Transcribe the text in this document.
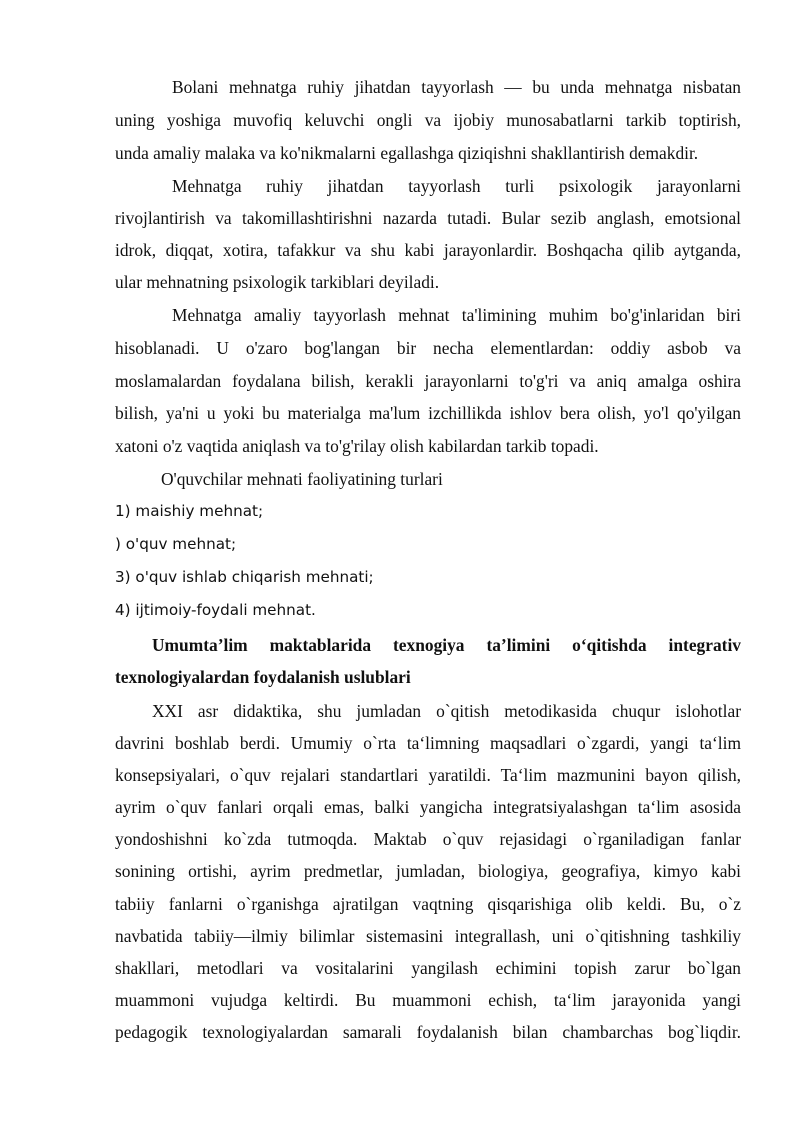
Bolani mehnatga ruhiy jihatdan tayyorlash — bu unda mehnatga nisbatan
uning yoshiga muvofiq keluvchi ongli va ijobiy munosabatlarni tarkib toptirish,
unda amaliy malaka va ko'nikmalarni egallashga qiziqishni shakllantirish demakdir.
Mehnatga ruhiy jihatdan tayyorlash turli psixologik jarayonlarni
rivojlantirish va takomillashtirishni nazarda tutadi. Bular sezib anglash, emotsional
idrok, diqqat, xotira, tafakkur va shu kabi jarayonlardir. Boshqacha qilib aytganda,
ular mehnatning psixologik tarkiblari deyiladi.
Mehnatga amaliy tayyorlash mehnat ta'limining muhim bo'g'inlaridan biri
hisoblanadi. U o'zaro bog'langan bir necha elementlardan: oddiy asbob va
moslamalardan foydalana bilish, kerakli jarayonlarni to'g'ri va aniq amalga oshira
bilish, ya'ni u yoki bu materialga ma'lum izchillikda ishlov bera olish, yo'l qo'yilgan
xatoni o'z vaqtida aniqlash va to'g'rilay olish kabilardan tarkib topadi.
O'quvchilar mehnati faoliyatining turlari
1) maishiy mehnat;
) o'quv mehnat;
3) o'quv ishlab chiqarish mehnati;
4) ijtimoiy-foydali mehnat.
Umumta’lim maktablarida texnogiya ta’limini o‘qitishda integrativ
texnologiyalardan foydalanish uslublari
XXI asr didaktika, shu jumladan o`qitish metodikasida chuqur islohotlar
davrini boshlab berdi. Umumiy o`rta ta‘limning maqsadlari o`zgardi, yangi ta‘lim
konsepsiyalari, o`quv rejalari standartlari yaratildi. Ta‘lim mazmunini bayon qilish,
ayrim o`quv fanlari orqali emas, balki yangicha integratsiyalashgan ta‘lim asosida
yondoshishni ko`zda tutmoqda. Maktab o`quv rejasidagi o`rganiladigan fanlar
sonining ortishi, ayrim predmetlar, jumladan, biologiya, geografiya, kimyo kabi
tabiiy fanlarni o`rganishga ajratilgan vaqtning qisqarishiga olib keldi. Bu, o`z
navbatida tabiiy—ilmiy bilimlar sistemasini integrallash, uni o`qitishning tashkiliy
shakllari, metodlari va vositalarini yangilash echimini topish zarur bo`lgan
muammoni vujudga keltirdi. Bu muammoni echish, ta‘lim jarayonida yangi
pedagogik texnologiyalardan samarali foydalanish bilan chambarchas bog`liqdir.
